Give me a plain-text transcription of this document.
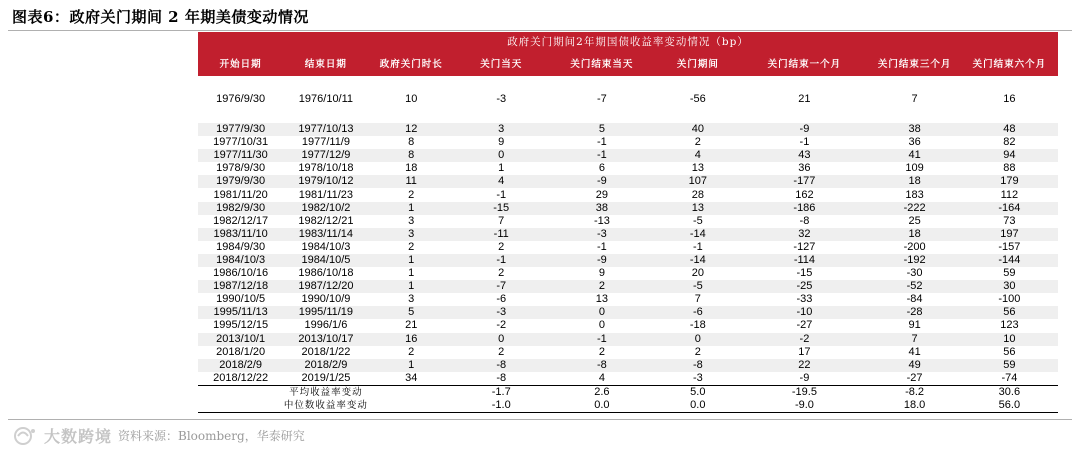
图表6：政府关门期间 2 年期美债变动情况
政府关门期间2年期国债收益率变动情况（bp）								
开始日期	结束日期	政府关门时长	关门当天	关门结束当天	关门期间	关门结束一个月	关门结束三个月	关门结束六个月
1976/9/30	1976/10/11	10	-3	-7	-56	21	7	16
1977/9/30	1977/10/13	12	3	5	40	-9	38	48
1977/10/31	1977/11/9	8	9	-1	2	-1	36	82
1977/11/30	1977/12/9	8	0	-1	4	43	41	94
1978/9/30	1978/10/18	18	1	6	13	36	109	88
1979/9/30	1979/10/12	11	4	-9	107	-177	18	179
1981/11/20	1981/11/23	2	-1	29	28	162	183	112
1982/9/30	1982/10/2	1	-15	38	13	-186	-222	-164
1982/12/17	1982/12/21	3	7	-13	-5	-8	25	73
1983/11/10	1983/11/14	3	-11	-3	-14	32	18	197
1984/9/30	1984/10/3	2	2	-1	-1	-127	-200	-157
1984/10/3	1984/10/5	1	-1	-9	-14	-114	-192	-144
1986/10/16	1986/10/18	1	2	9	20	-15	-30	59
1987/12/18	1987/12/20	1	-7	2	-5	-25	-52	30
1990/10/5	1990/10/9	3	-6	13	7	-33	-84	-100
1995/11/13	1995/11/19	5	-3	0	-6	-10	-28	56
1995/12/15	1996/1/6	21	-2	0	-18	-27	91	123
2013/10/1	2013/10/17	16	0	-1	0	-2	7	10
2018/1/20	2018/1/22	2	2	2	2	17	41	56
2018/2/9	2018/2/9	1	-8	-8	-8	22	49	59
2018/12/22	2019/1/25	34	-8	4	-3	-9	-27	-74
平均收益率变动			-1.7	2.6	5.0	-19.5	-8.2	30.6
中位数收益率变动			-1.0	0.0	0.0	-9.0	18.0	56.0
大数跨境 资料来源：Bloomberg，华泰研究
